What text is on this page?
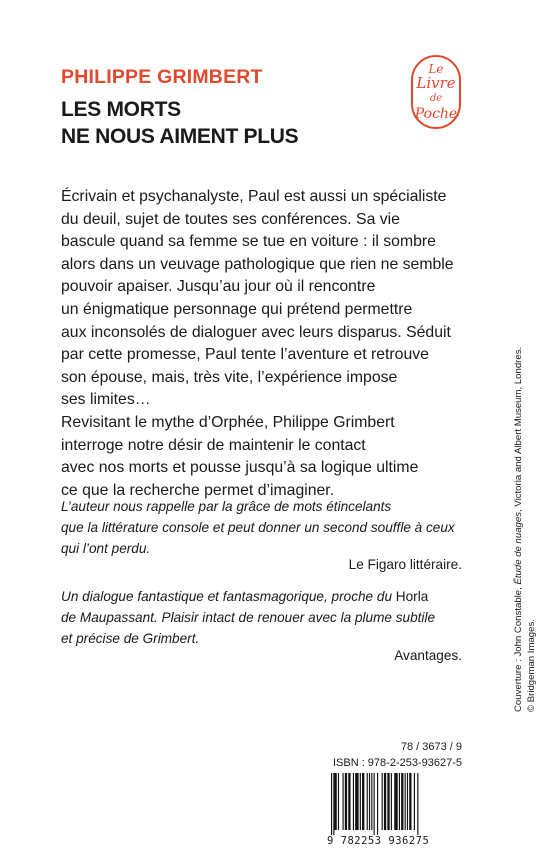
PHILIPPE GRIMBERT
LES MORTS
NE NOUS AIMENT PLUS
Le
Livre
de
Poche
Écrivain et psychanalyste, Paul est aussi un spécialiste
du deuil, sujet de toutes ses conférences. Sa vie
bascule quand sa femme se tue en voiture : il sombre
alors dans un veuvage pathologique que rien ne semble
pouvoir apaiser. Jusqu’au jour où il rencontre
un énigmatique personnage qui prétend permettre
aux inconsolés de dialoguer avec leurs disparus. Séduit
par cette promesse, Paul tente l’aventure et retrouve
son épouse, mais, très vite, l’expérience impose
ses limites…
Revisitant le mythe d’Orphée, Philippe Grimbert
interroge notre désir de maintenir le contact
avec nos morts et pousse jusqu’à sa logique ultime
ce que la recherche permet d’imaginer.
L’auteur nous rappelle par la grâce de mots étincelants
que la littérature console et peut donner un second souffle à ceux
qui l’ont perdu.
Le Figaro littéraire.
Un dialogue fantastique et fantasmagorique, proche du Horla
de Maupassant. Plaisir intact de renouer avec la plume subtile
et précise de Grimbert.
Avantages.
78 / 3673 / 9
ISBN : 978-2-253-93627-5
9 782253 936275
Couverture : John Constable, Étude de nuages, Victoria and Albert Museum, Londres.
© Bridgeman Images.
